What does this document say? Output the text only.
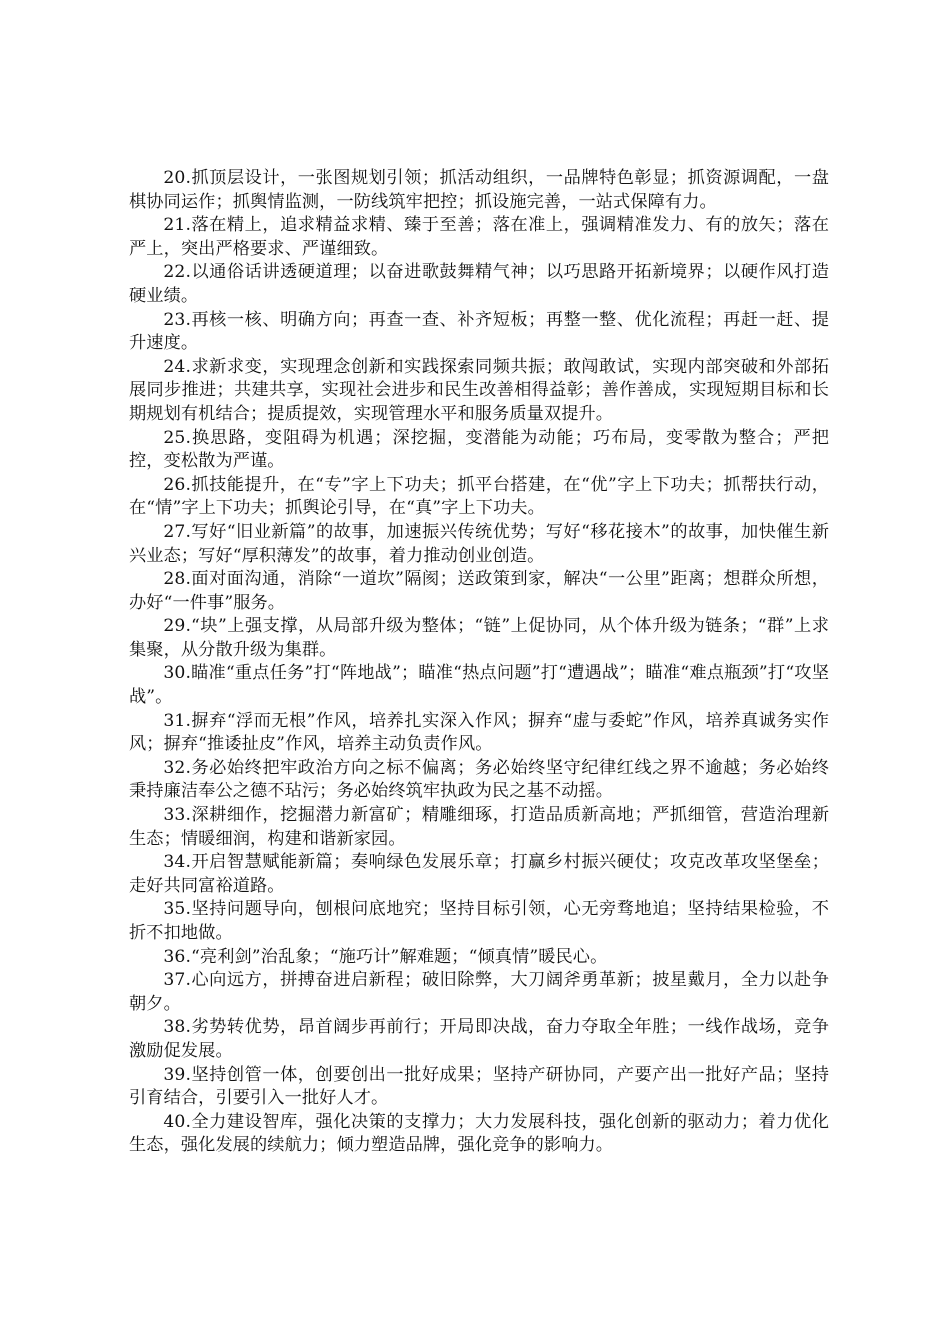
20.抓顶层设计，一张图规划引领；抓活动组织，一品牌特色彰显；抓资源调配，一盘棋协同运作；抓舆情监测，一防线筑牢把控；抓设施完善，一站式保障有力。

21.落在精上，追求精益求精、臻于至善；落在准上，强调精准发力、有的放矢；落在严上，突出严格要求、严谨细致。

22.以通俗话讲透硬道理；以奋进歌鼓舞精气神；以巧思路开拓新境界；以硬作风打造硬业绩。

23.再核一核、明确方向；再查一查、补齐短板；再整一整、优化流程；再赶一赶、提升速度。

24.求新求变，实现理念创新和实践探索同频共振；敢闯敢试，实现内部突破和外部拓展同步推进；共建共享，实现社会进步和民生改善相得益彰；善作善成，实现短期目标和长期规划有机结合；提质提效，实现管理水平和服务质量双提升。

25.换思路，变阻碍为机遇；深挖掘，变潜能为动能；巧布局，变零散为整合；严把控，变松散为严谨。

26.抓技能提升，在“专”字上下功夫；抓平台搭建，在“优”字上下功夫；抓帮扶行动，在“情”字上下功夫；抓舆论引导，在“真”字上下功夫。

27.写好“旧业新篇”的故事，加速振兴传统优势；写好“移花接木”的故事，加快催生新兴业态；写好“厚积薄发”的故事，着力推动创业创造。

28.面对面沟通，消除“一道坎”隔阂；送政策到家，解决“一公里”距离；想群众所想，办好“一件事”服务。

29.“块”上强支撑，从局部升级为整体；“链”上促协同，从个体升级为链条；“群”上求集聚，从分散升级为集群。

30.瞄准“重点任务”打“阵地战”；瞄准“热点问题”打“遭遇战”；瞄准“难点瓶颈”打“攻坚战”。

31.摒弃“浮而无根”作风，培养扎实深入作风；摒弃“虚与委蛇”作风，培养真诚务实作风；摒弃“推诿扯皮”作风，培养主动负责作风。

32.务必始终把牢政治方向之标不偏离；务必始终坚守纪律红线之界不逾越；务必始终秉持廉洁奉公之德不玷污；务必始终筑牢执政为民之基不动摇。

33.深耕细作，挖掘潜力新富矿；精雕细琢，打造品质新高地；严抓细管，营造治理新生态；情暖细润，构建和谐新家园。

34.开启智慧赋能新篇；奏响绿色发展乐章；打赢乡村振兴硬仗；攻克改革攻坚堡垒；走好共同富裕道路。

35.坚持问题导向，刨根问底地究；坚持目标引领，心无旁骛地追；坚持结果检验，不折不扣地做。

36.“亮利剑”治乱象；“施巧计”解难题；“倾真情”暖民心。

37.心向远方，拼搏奋进启新程；破旧除弊，大刀阔斧勇革新；披星戴月，全力以赴争朝夕。

38.劣势转优势，昂首阔步再前行；开局即决战，奋力夺取全年胜；一线作战场，竞争激励促发展。

39.坚持创管一体，创要创出一批好成果；坚持产研协同，产要产出一批好产品；坚持引育结合，引要引入一批好人才。

40.全力建设智库，强化决策的支撑力；大力发展科技，强化创新的驱动力；着力优化生态，强化发展的续航力；倾力塑造品牌，强化竞争的影响力。
